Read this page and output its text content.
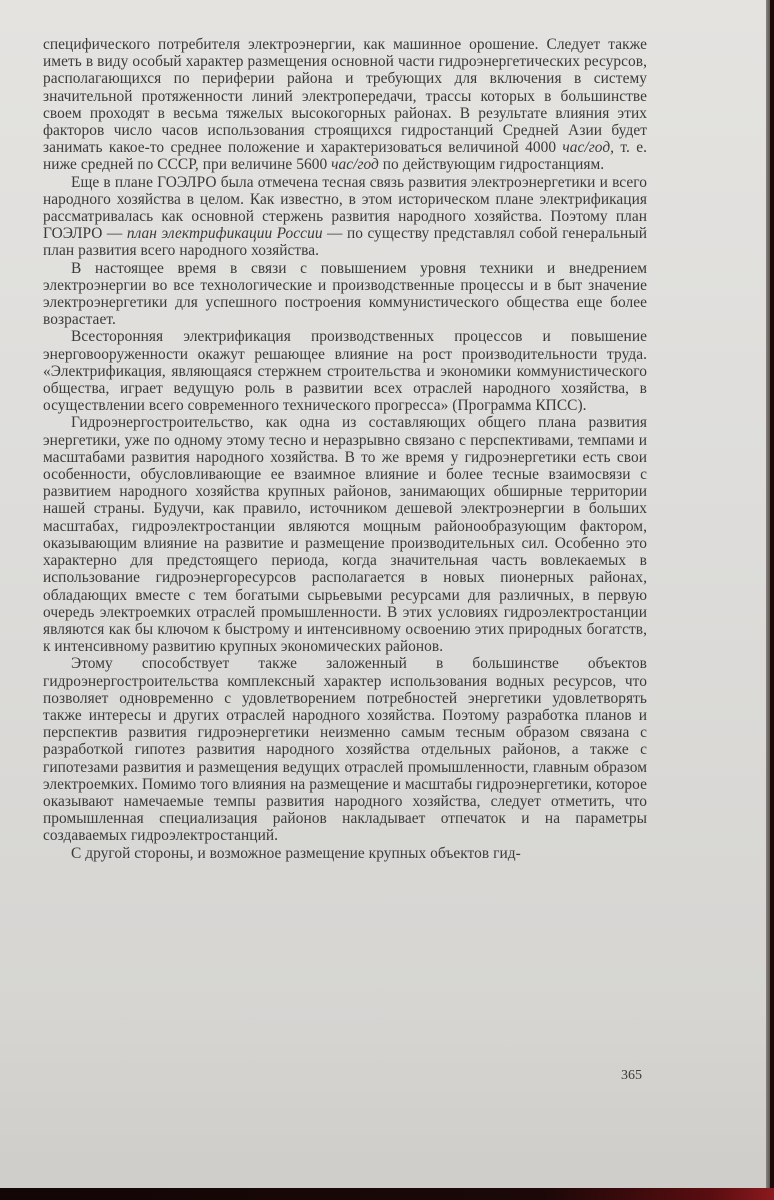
специфического потребителя электроэнергии, как машинное орошение. Следует также иметь в виду особый характер размещения основной части гидроэнергетических ресурсов, располагающихся по периферии района и требующих для включения в систему значительной протяженности линий электропередачи, трассы которых в большинстве своем проходят в весьма тяжелых высокогорных районах. В результате влияния этих факторов число часов использования строящихся гидростанций Средней Азии будет занимать какое-то среднее положение и характеризоваться величиной 4000 час/год, т. е. ниже средней по СССР, при величине 5600 час/год по действующим гидростанциям.

Еще в плане ГОЭЛРО была отмечена тесная связь развития электроэнергетики и всего народного хозяйства в целом. Как известно, в этом историческом плане электрификация рассматривалась как основной стержень развития народного хозяйства. Поэтому план ГОЭЛРО — план электрификации России — по существу представлял собой генеральный план развития всего народного хозяйства.

В настоящее время в связи с повышением уровня техники и внедрением электроэнергии во все технологические и производственные процессы и в быт значение электроэнергетики для успешного построения коммунистического общества еще более возрастает.

Всесторонняя электрификация производственных процессов и повышение энерговооруженности окажут решающее влияние на рост производительности труда. «Электрификация, являющаяся стержнем строительства и экономики коммунистического общества, играет ведущую роль в развитии всех отраслей народного хозяйства, в осуществлении всего современного технического прогресса» (Программа КПСС).

Гидроэнергостроительство, как одна из составляющих общего плана развития энергетики, уже по одному этому тесно и неразрывно связано с перспективами, темпами и масштабами развития народного хозяйства. В то же время у гидроэнергетики есть свои особенности, обусловливающие ее взаимное влияние и более тесные взаимосвязи с развитием народного хозяйства крупных районов, занимающих обширные территории нашей страны. Будучи, как правило, источником дешевой электроэнергии в больших масштабах, гидроэлектростанции являются мощным районообразующим фактором, оказывающим влияние на развитие и размещение производительных сил. Особенно это характерно для предстоящего периода, когда значительная часть вовлекаемых в использование гидроэнергоресурсов располагается в новых пионерных районах, обладающих вместе с тем богатыми сырьевыми ресурсами для различных, в первую очередь электроемких отраслей промышленности. В этих условиях гидроэлектростанции являются как бы ключом к быстрому и интенсивному освоению этих природных богатств, к интенсивному развитию крупных экономических районов.

Этому способствует также заложенный в большинстве объектов гидроэнергостроительства комплексный характер использования водных ресурсов, что позволяет одновременно с удовлетворением потребностей энергетики удовлетворять также интересы и других отраслей народного хозяйства. Поэтому разработка планов и перспектив развития гидроэнергетики неизменно самым тесным образом связана с разработкой гипотез развития народного хозяйства отдельных районов, а также с гипотезами развития и размещения ведущих отраслей промышленности, главным образом электроемких. Помимо того влияния на размещение и масштабы гидроэнергетики, которое оказывают намечаемые темпы развития народного хозяйства, следует отметить, что промышленная специализация районов накладывает отпечаток и на параметры создаваемых гидроэлектростанций.

С другой стороны, и возможное размещение крупных объектов гид-

365
